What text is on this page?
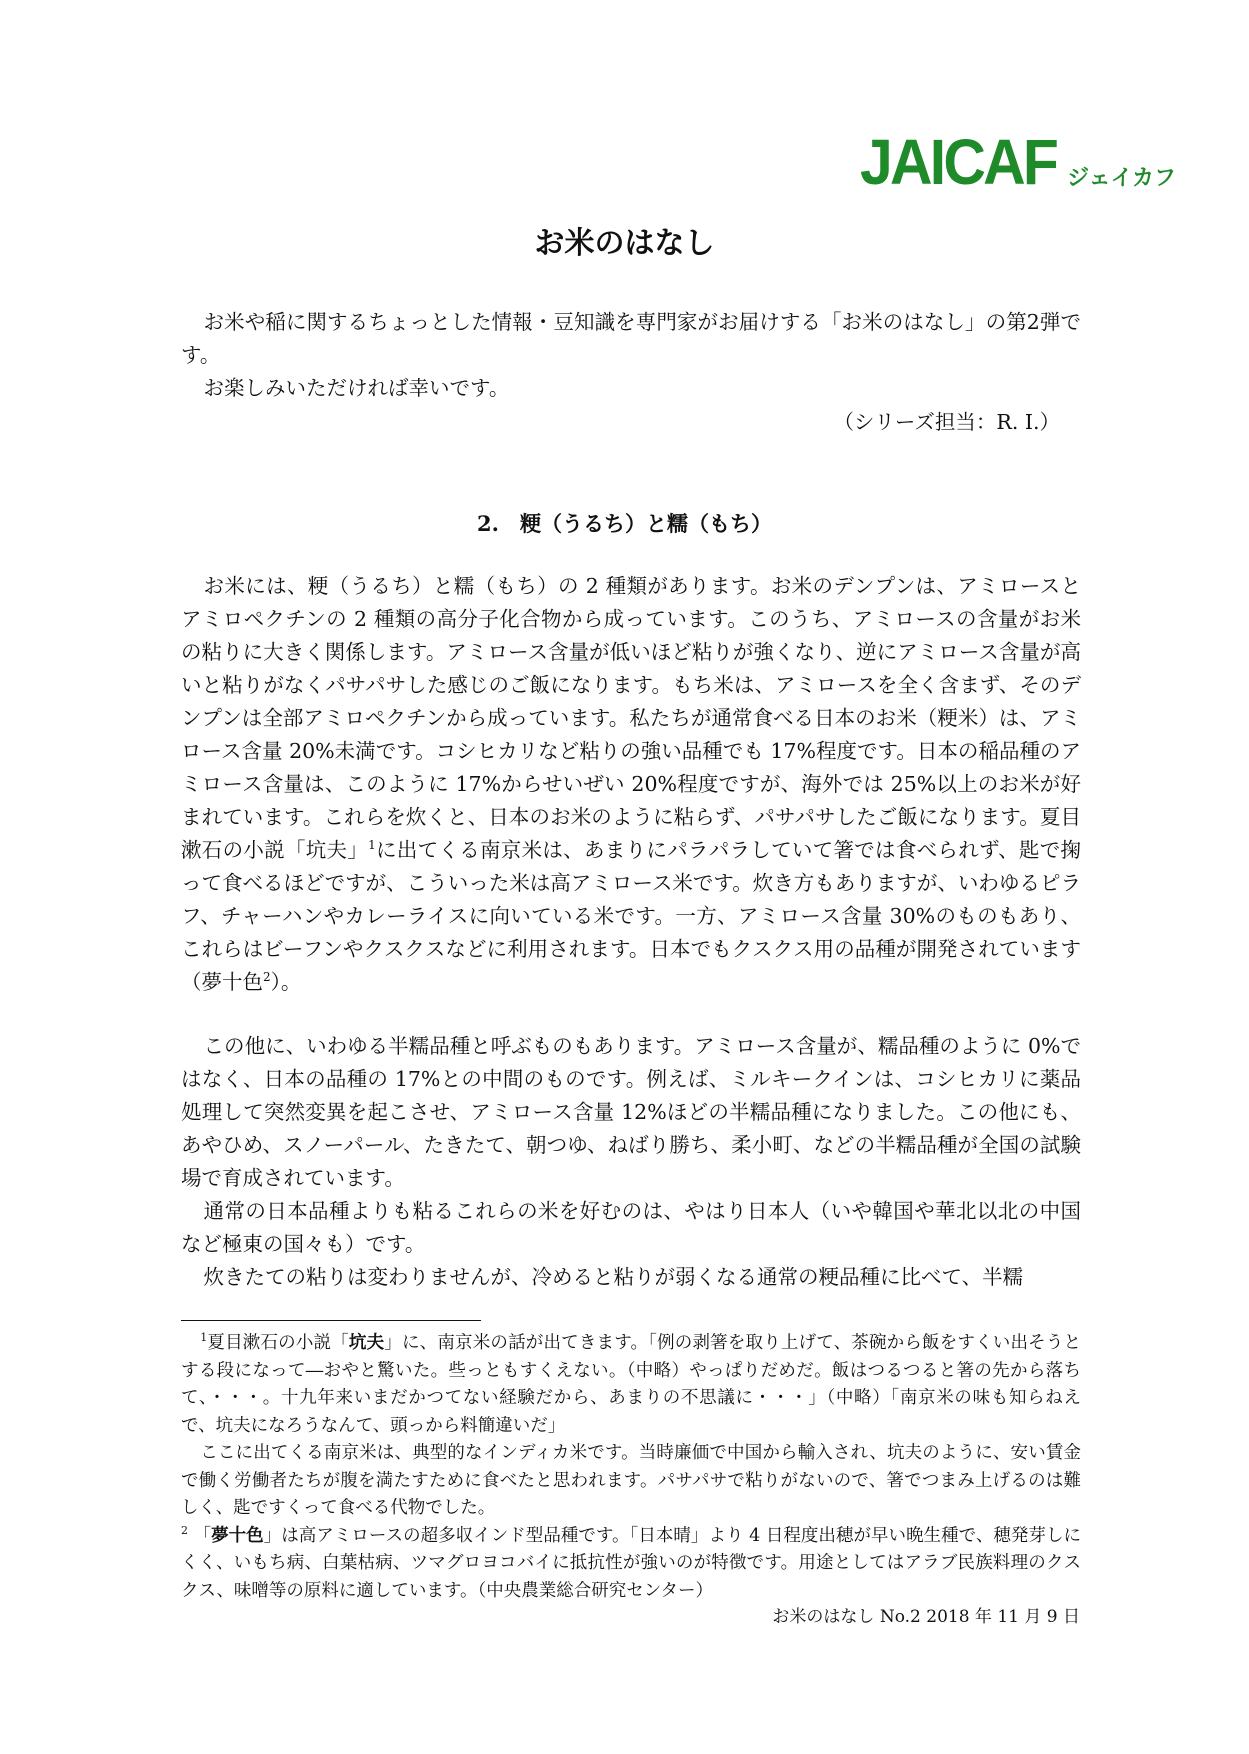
JAICAF ジェイカフ
お米のはなし

お米や稲に関するちょっとした情報・豆知識を専門家がお届けする「お米のはなし」の第2弾です。

お楽しみいただければ幸いです。

（シリーズ担当：R. I.）
2.　粳（うるち）と糯（もち）

お米には、粳（うるち）と糯（もち）の 2 種類があります。お米のデンプンは、アミロースとアミロペクチンの 2 種類の高分子化合物から成っています。このうち、アミロースの含量がお米の粘りに大きく関係します。アミロース含量が低いほど粘りが強くなり、逆にアミロース含量が高いと粘りがなくパサパサした感じのご飯になります。もち米は、アミロースを全く含まず、そのデンプンは全部アミロペクチンから成っています。私たちが通常食べる日本のお米（粳米）は、アミロース含量 20%未満です。コシヒカリなど粘りの強い品種でも 17%程度です。日本の稲品種のアミロース含量は、このように 17%からせいぜい 20%程度ですが、海外では 25%以上のお米が好まれています。これらを炊くと、日本のお米のように粘らず、パサパサしたご飯になります。夏目漱石の小説「坑夫」$^1$に出てくる南京米は、あまりにパラパラしていて箸では食べられず、匙で掬って食べるほどですが、こういった米は高アミロース米です。炊き方もありますが、いわゆるピラフ、チャーハンやカレーライスに向いている米です。一方、アミロース含量 30%のものもあり、これらはビーフンやクスクスなどに利用されます。日本でもクスクス用の品種が開発されています（夢十色$^2$）。

この他に、いわゆる半糯品種と呼ぶものもあります。アミロース含量が、糯品種のように 0%ではなく、日本の品種の 17%との中間のものです。例えば、ミルキークインは、コシヒカリに薬品処理して突然変異を起こさせ、アミロース含量 12%ほどの半糯品種になりました。この他にも、あやひめ、スノーパール、たきたて、朝つゆ、ねばり勝ち、柔小町、などの半糯品種が全国の試験場で育成されています。

通常の日本品種よりも粘るこれらの米を好むのは、やはり日本人（いや韓国や華北以北の中国など極東の国々も）です。

炊きたての粘りは変わりませんが、冷めると粘りが弱くなる通常の粳品種に比べて、半糯

$^1$夏目漱石の小説「坑夫」に、南京米の話が出てきます。「例の剥箸を取り上げて、茶碗から飯をすくい出そうとする段になって―おやと驚いた。些っともすくえない。（中略）やっぱりだめだ。飯はつるつると箸の先から落ちて、・・・。十九年来いまだかつてない経験だから、あまりの不思議に・・・」（中略）「南京米の味も知らねえで、坑夫になろうなんて、頭っから料簡違いだ」

ここに出てくる南京米は、典型的なインディカ米です。当時廉価で中国から輸入され、坑夫のように、安い賃金で働く労働者たちが腹を満たすために食べたと思われます。パサパサで粘りがないので、箸でつまみ上げるのは難しく、匙ですくって食べる代物でした。

$^2$ 「夢十色」は高アミロースの超多収インド型品種です。「日本晴」より 4 日程度出穂が早い晩生種で、穂発芽しにくく、いもち病、白葉枯病、ツマグロヨコバイに抵抗性が強いのが特徴です。用途としてはアラブ民族料理のクスクス、味噌等の原料に適しています。（中央農業総合研究センター）

お米のはなし No.2 2018 年 11 月 9 日
